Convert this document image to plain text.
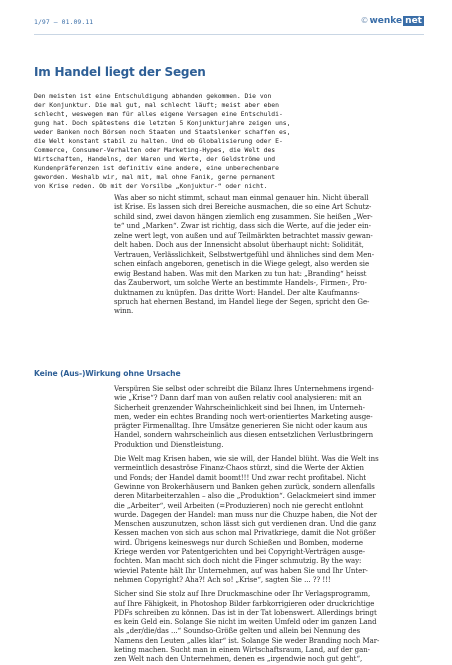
1/97 — 01.09.11	©wenke net
Im Handel liegt der Segen
Den meisten ist eine Entschuldigung abhanden gekommen. Die von
der Konjunktur. Die mal gut, mal schlecht läuft; meist aber eben
schlecht, weswegen man für alles eigene Versagen eine Entschuldi-
gung hat. Doch spätestens die letzten 5 Konjunkturjahre zeigen uns,
weder Banken noch Börsen noch Staaten und Staatslenker schaffen es,
die Welt konstant stabil zu halten. Und ob Globalisierung oder E-
Commerce, Consumer-Verhalten oder Marketing-Hypes, die Welt des
Wirtschaften, Handelns, der Waren und Werte, der Geldströme und
Kundenpräferenzen ist definitiv eine andere, eine unberechenbare
geworden. Weshalb wir, mal mit, mal ohne Fanik, gerne permanent
von Krise reden. Ob mit der Vorsilbe „Konjuktur-“ oder nicht.
Was aber so nicht stimmt, schaut man einmal genauer hin. Nicht überall
ist Krise. Es lassen sich drei Bereiche ausmachen, die so eine Art Schutz-
schild sind, zwei davon hängen ziemlich eng zusammen. Sie heißen „Wer-
te“ und „Marken“. Zwar ist richtig, dass sich die Werte, auf die jeder ein-
zelne wert legt, von außen und auf Teilmärkten betrachtet massiv gewan-
delt haben. Doch aus der Innensicht absolut überhaupt nicht: Solidität,
Vertrauen, Verlässlichkeit, Selbstwertgefühl und ähnliches sind dem Men-
schen einfach angeboren, genetisch in die Wiege gelegt, also werden sie
ewig Bestand haben. Was mit den Marken zu tun hat: „Branding“ heisst
das Zauberwort, um solche Werte an bestimmte Handels-, Firmen-, Pro-
duktnamen zu knüpfen. Das dritte Wort: Handel. Der alte Kaufmanns-
spruch hat ehernen Bestand, im Handel liege der Segen, spricht den Ge-
winn.
Keine (Aus-)Wirkung ohne Ursache
Verspüren Sie selbst oder schreibt die Bilanz Ihres Unternehmens irgend-
wie „Krise“? Dann darf man von außen relativ cool analysieren: mit an
Sicherheit grenzender Wahrscheinlichkeit sind bei Ihnen, im Unterneh-
men, weder ein echtes Branding noch wert-orientiertes Marketing ausge-
prägter Firmenalltag. Ihre Umsätze generieren Sie nicht oder kaum aus
Handel, sondern wahrscheinlich aus diesen entsetzlichen Verlustbringern
Produktion und Dienstleistung.
Die Welt mag Krisen haben, wie sie will, der Handel blüht. Was die Welt ins
vermeintlich desaströse Finanz-Chaos stürzt, sind die Werte der Aktien
und Fonds; der Handel damit boomt!!! Und zwar recht profitabel. Nicht
Gewinne von Brokerhäusern und Banken gehen zurück, sondern allenfalls
deren Mitarbeiterzahlen – also die „Produktion“. Gelackmeiert sind immer
die „Arbeiter“, weil Arbeiten (=Produzieren) noch nie gerecht entlohnt
wurde. Dagegen der Handel: man muss nur die Chuzpe haben, die Not der
Menschen auszunutzen, schon lässt sich gut verdienen dran. Und die ganz
Kessen machen von sich aus schon mal Privatkriege, damit die Not größer
wird. Übrigens keineswegs nur durch Schießen und Bomben, moderne
Kriege werden vor Patentgerichten und bei Copyright-Verträgen ausge-
fochten. Man macht sich doch nicht die Finger schmutzig. By the way:
wieviel Patente hält Ihr Unternehmen, auf was haben Sie und Ihr Unter-
nehmen Copyright? Aha?! Ach so! „Krise“, sagten Sie ... ?? !!!
Sicher sind Sie stolz auf Ihre Druckmaschine oder Ihr Verlagsprogramm,
auf Ihre Fähigkeit, in Photoshop Bilder farbkorrigieren oder druckrichtige
PDFs schreiben zu können. Das ist in der Tat lobenswert. Allerdings bringt
es kein Geld ein. Solange Sie nicht im weiten Umfeld oder im ganzen Land
als „der/die/das ...“ Soundso-Größe gelten und allein bei Nennung des
Namens den Leuten „alles klar“ ist. Solange Sie weder Branding noch Mar-
keting machen. Sucht man in einem Wirtschaftsraum, Land, auf der gan-
zen Welt nach den Unternehmen, denen es „irgendwie noch gut geht“,
